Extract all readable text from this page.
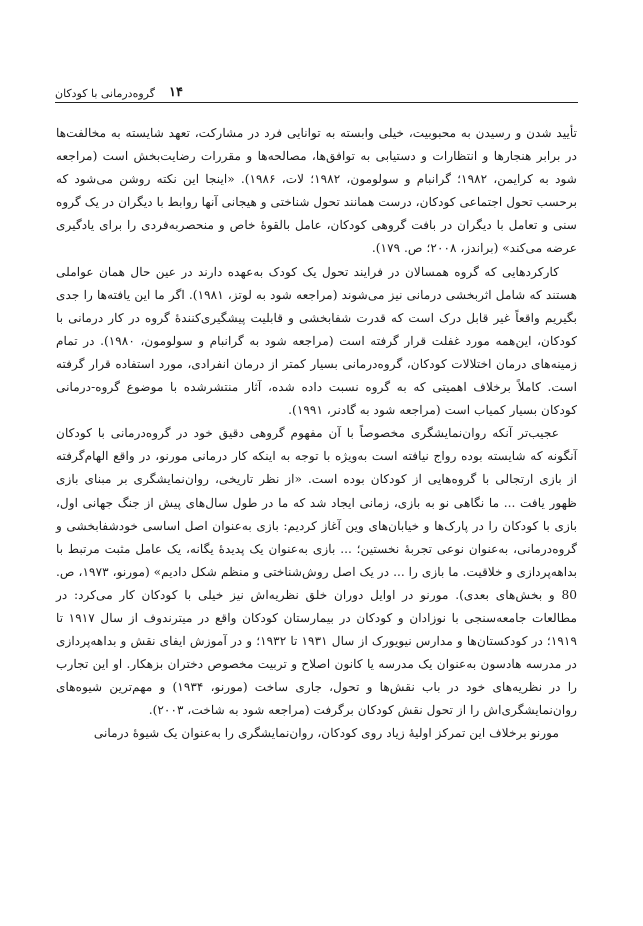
۱۴
گروه‌درمانی با کودکان

تأیید شدن و رسیدن به محبوبیت، خیلی وابسته به توانایی فرد در مشارکت، تعهد شایسته به مخالفت‌ها در برابر هنجارها و انتظارات و دستیابی به توافق‌ها، مصالحه‌ها و مقررات رضایت‌بخش است (مراجعه شود به کرایمن، ۱۹۸۲؛ گرانبام و سولومون، ۱۹۸۲؛ لات، ۱۹۸۶). «اینجا این نکته روشن می‌شود که برحسب تحول اجتماعی کودکان، درست همانند تحول شناختی و هیجانی آنها روابط با دیگران در یک گروه سنی و تعامل با دیگران در بافت گروهی کودکان، عامل بالقوهٔ خاص و منحصربه‌فردی را برای یادگیری عرضه می‌کند» (براندز، ۲۰۰۸؛ ص. ۱۷۹).

کارکردهایی که گروه همسالان در فرایند تحول یک کودک به‌عهده دارند در عین حال همان عواملی هستند که شامل اثربخشی درمانی نیز می‌شوند (مراجعه شود به لوتز، ۱۹۸۱). اگر ما این یافته‌ها را جدی بگیریم واقعاً غیر قابل درک است که قدرت شفابخشی و قابلیت پیشگیری‌کنندهٔ گروه در کار درمانی با کودکان، این‌همه مورد غفلت قرار گرفته است (مراجعه شود به گرانبام و سولومون، ۱۹۸۰). در تمام زمینه‌های درمان اختلالات کودکان، گروه‌درمانی بسیار کمتر از درمان انفرادی، مورد استفاده قرار گرفته است. کاملاً برخلاف اهمیتی که به گروه نسبت داده شده، آثار منتشرشده با موضوع گروه-درمانی کودکان بسیار کمیاب است (مراجعه شود به گادنر، ۱۹۹۱).

عجیب‌تر آنکه روان‌نمایشگری مخصوصاً با آن مفهوم گروهی دقیق خود در گروه‌درمانی با کودکان آنگونه که شایسته بوده رواج نیافته است به‌ویژه با توجه به اینکه کار درمانی مورنو، در واقع الهام‌گرفته از بازی ارتجالی با گروه‌هایی از کودکان بوده است. «از نظر تاریخی، روان‌نمایشگری بر مبنای بازی ظهور یافت ... ما نگاهی نو به بازی، زمانی ایجاد شد که ما در طول سال‌های پیش از جنگ جهانی اول، بازی با کودکان را در پارک‌ها و خیابان‌های وین آغاز کردیم: بازی به‌عنوان اصل اساسی خودشفابخشی و گروه‌درمانی، به‌عنوان نوعی تجربهٔ نخستین؛ ... بازی به‌عنوان یک پدیدهٔ یگانه، یک عامل مثبت مرتبط با بداهه‌پردازی و خلاقیت. ما بازی را ... در یک اصل روش‌شناختی و منظم شکل دادیم» (مورنو، ۱۹۷۳، ص. 80 و بخش‌های بعدی). مورنو در اوایل دوران خلق نظریه‌اش نیز خیلی با کودکان کار می‌کرد: در مطالعات جامعه‌سنجی با نوزادان و کودکان در بیمارستان کودکان واقع در میترندوف از سال ۱۹۱۷ تا ۱۹۱۹؛ در کودکستان‌ها و مدارس نیویورک از سال ۱۹۳۱ تا ۱۹۳۲؛ و در آموزش ایفای نقش و بداهه‌پردازی در مدرسه هادسون به‌عنوان یک مدرسه یا کانون اصلاح و تربیت مخصوص دختران بزهکار. او این تجارب را در نظریه‌های خود در باب نقش‌ها و تحول، جاری ساخت (مورنو، ۱۹۳۴) و مهم‌ترین شیوه‌های روان‌نمایشگری‌اش را از تحول نقش کودکان برگرفت (مراجعه شود به شاخت، ۲۰۰۳).

مورنو برخلاف این تمرکز اولیهٔ زیاد روی کودکان، روان‌نمایشگری را به‌عنوان یک شیوهٔ درمانی
